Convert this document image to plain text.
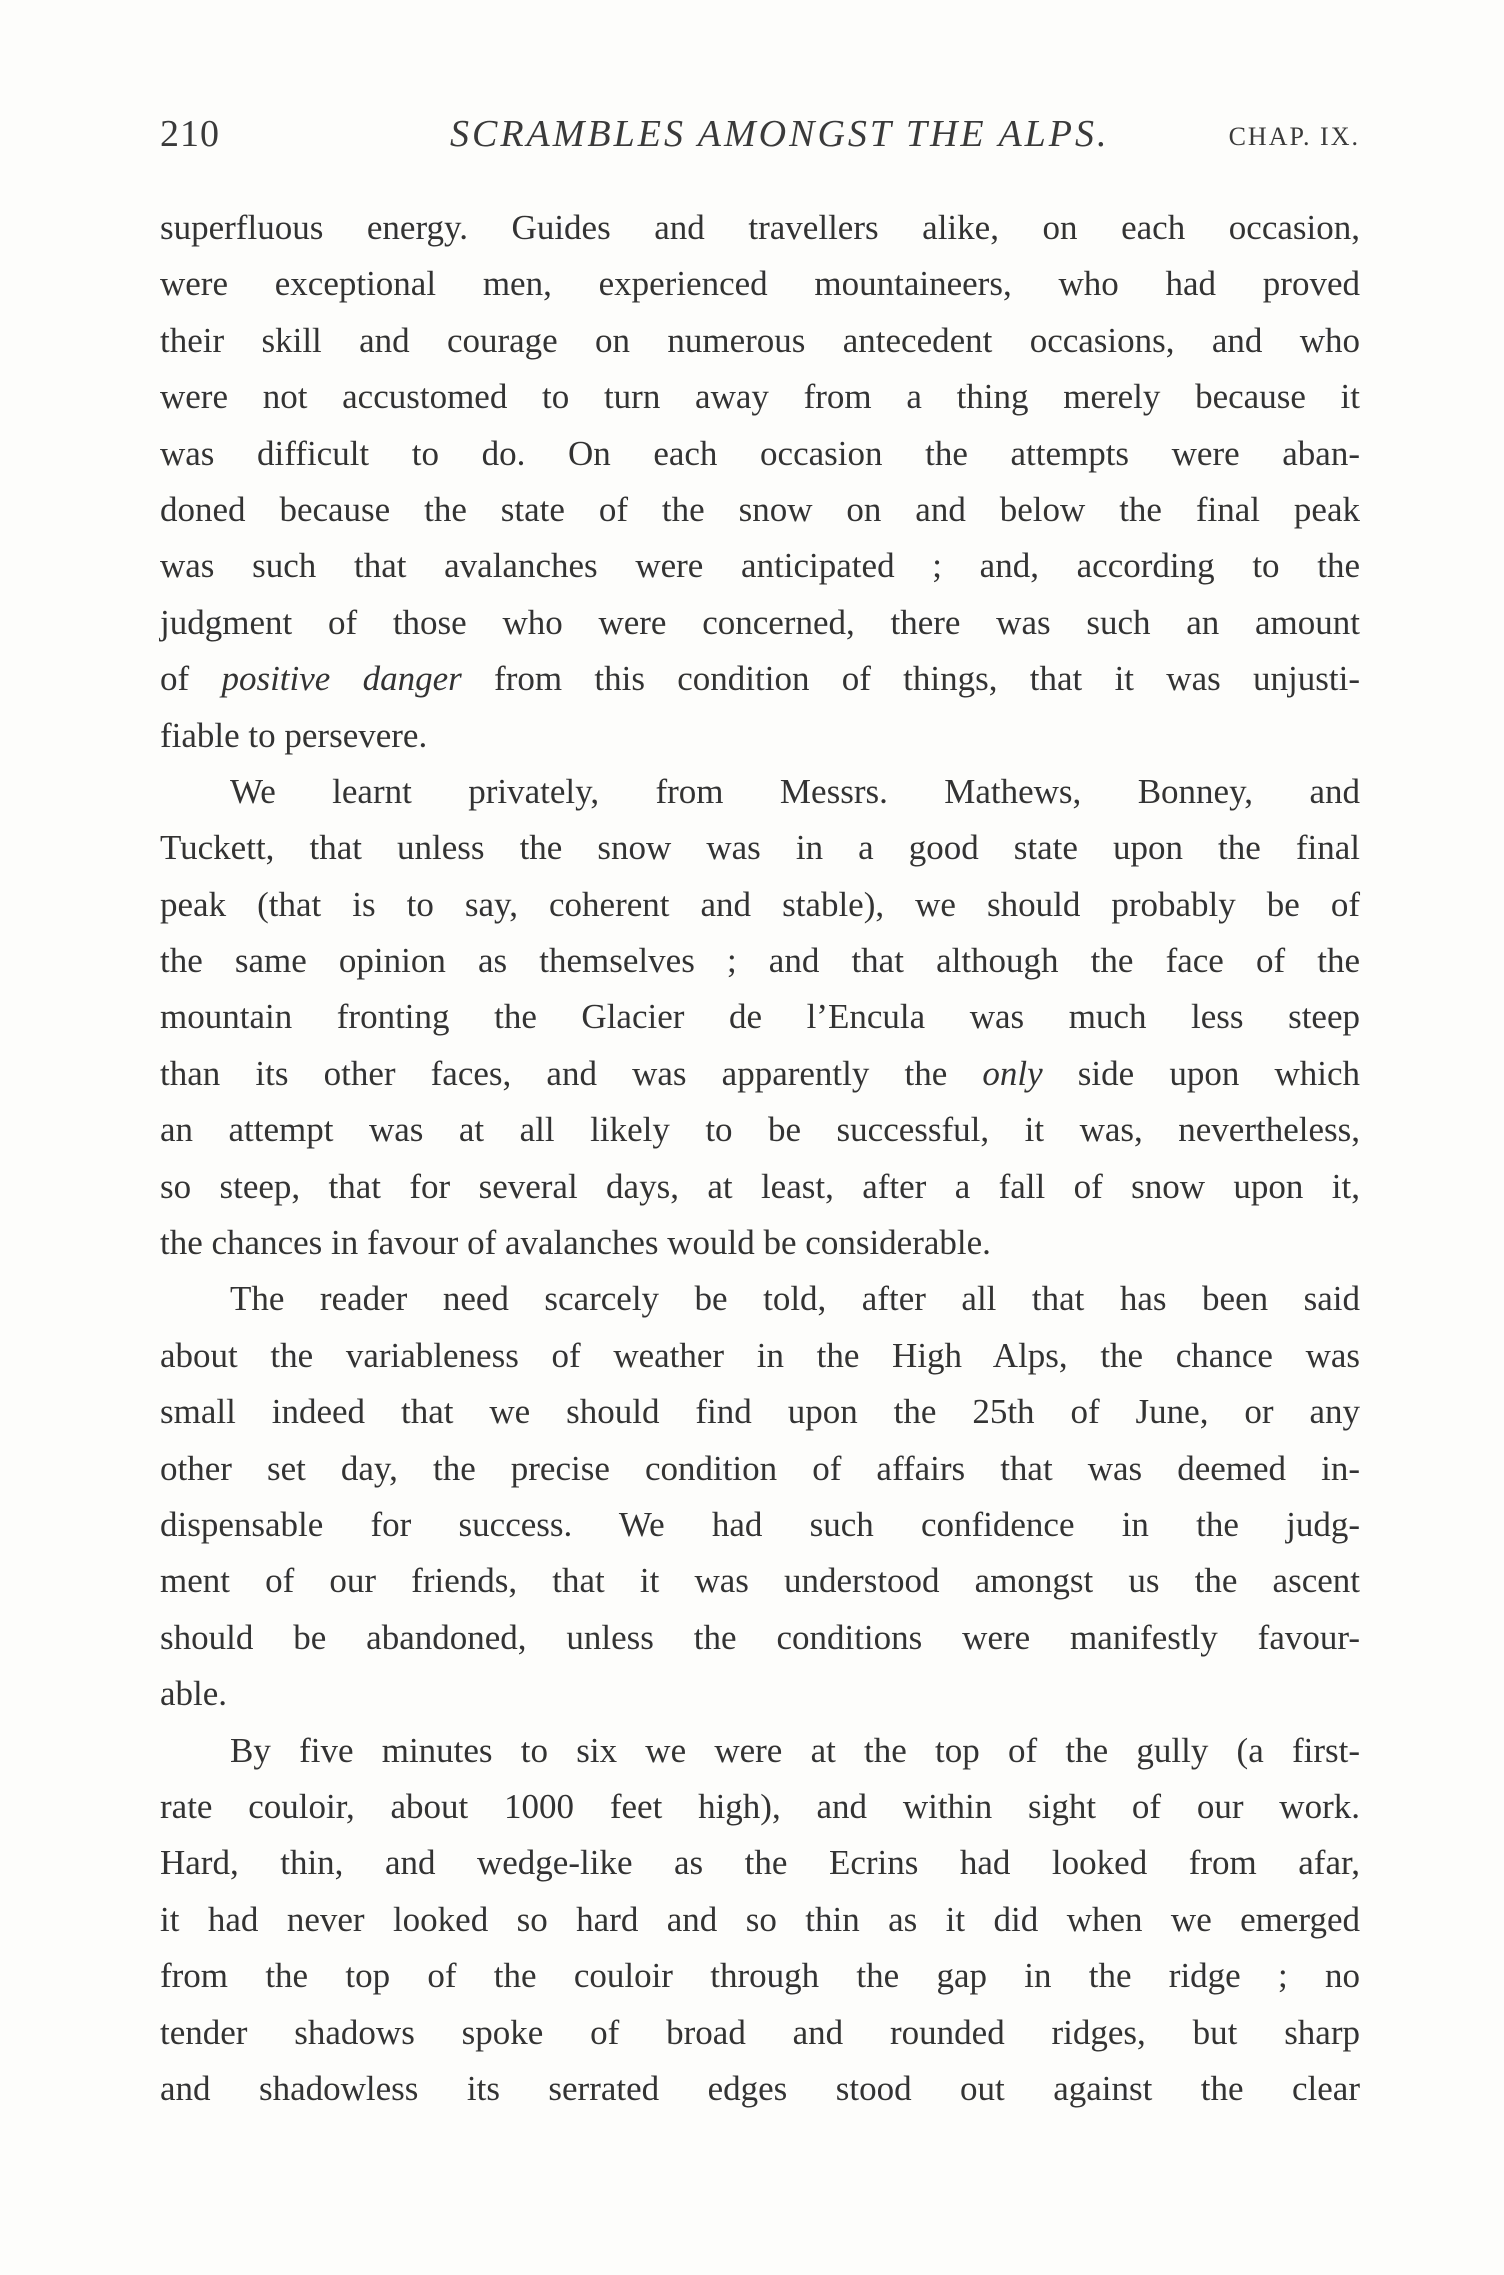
210	SCRAMBLES AMONGST THE ALPS.	CHAP. IX.
superfluous energy. Guides and travellers alike, on each occasion,
were exceptional men, experienced mountaineers, who had proved
their skill and courage on numerous antecedent occasions, and who
were not accustomed to turn away from a thing merely because it
was difficult to do. On each occasion the attempts were aban-
doned because the state of the snow on and below the final peak
was such that avalanches were anticipated ; and, according to the
judgment of those who were concerned, there was such an amount
of positive danger from this condition of things, that it was unjusti-
fiable to persevere.
We learnt privately, from Messrs. Mathews, Bonney, and
Tuckett, that unless the snow was in a good state upon the final
peak (that is to say, coherent and stable), we should probably be of
the same opinion as themselves ; and that although the face of the
mountain fronting the Glacier de l’Encula was much less steep
than its other faces, and was apparently the only side upon which
an attempt was at all likely to be successful, it was, nevertheless,
so steep, that for several days, at least, after a fall of snow upon it,
the chances in favour of avalanches would be considerable.
The reader need scarcely be told, after all that has been said
about the variableness of weather in the High Alps, the chance was
small indeed that we should find upon the 25th of June, or any
other set day, the precise condition of affairs that was deemed in-
dispensable for success. We had such confidence in the judg-
ment of our friends, that it was understood amongst us the ascent
should be abandoned, unless the conditions were manifestly favour-
able.
By five minutes to six we were at the top of the gully (a first-
rate couloir, about 1000 feet high), and within sight of our work.
Hard, thin, and wedge-like as the Ecrins had looked from afar,
it had never looked so hard and so thin as it did when we emerged
from the top of the couloir through the gap in the ridge ; no
tender shadows spoke of broad and rounded ridges, but sharp
and shadowless its serrated edges stood out against the clear
